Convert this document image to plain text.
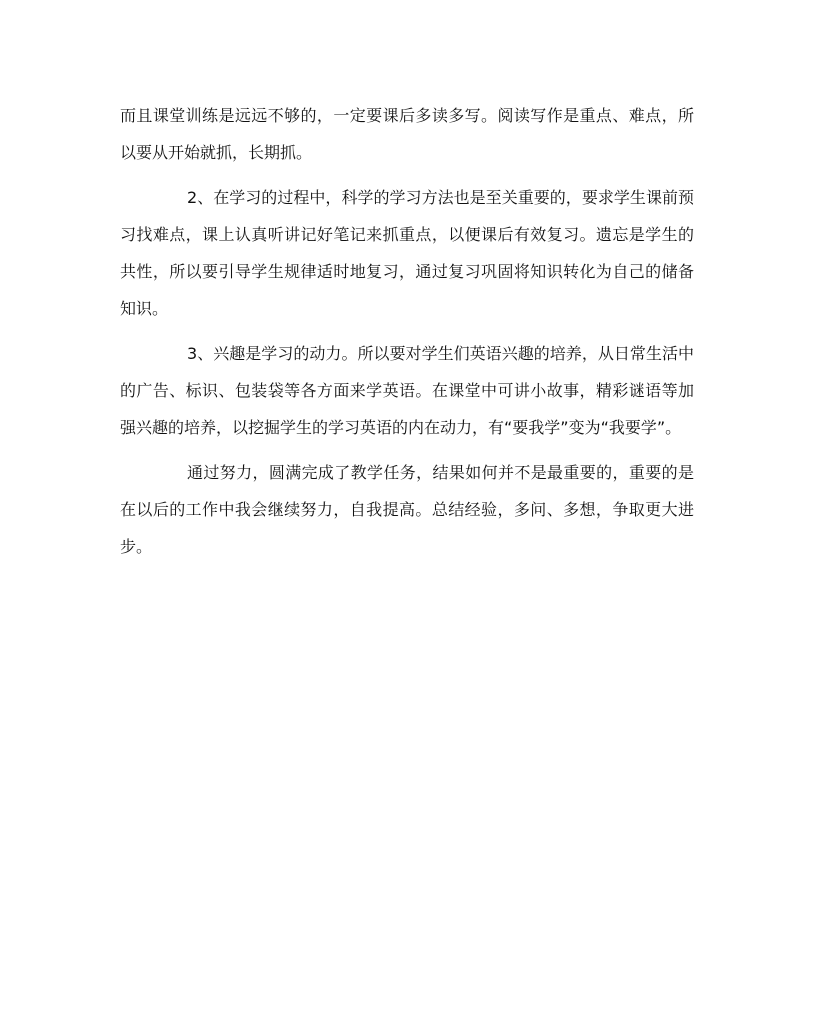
而且课堂训练是远远不够的，一定要课后多读多写。阅读写作是重点、难点，所以要从开始就抓，长期抓。

2、在学习的过程中，科学的学习方法也是至关重要的，要求学生课前预习找难点，课上认真听讲记好笔记来抓重点，以便课后有效复习。遗忘是学生的共性，所以要引导学生规律适时地复习，通过复习巩固将知识转化为自己的储备知识。

3、兴趣是学习的动力。所以要对学生们英语兴趣的培养，从日常生活中的广告、标识、包装袋等各方面来学英语。在课堂中可讲小故事，精彩谜语等加强兴趣的培养，以挖掘学生的学习英语的内在动力，有“要我学”变为“我要学”。

通过努力，圆满完成了教学任务，结果如何并不是最重要的，重要的是在以后的工作中我会继续努力，自我提高。总结经验，多问、多想，争取更大进步。
